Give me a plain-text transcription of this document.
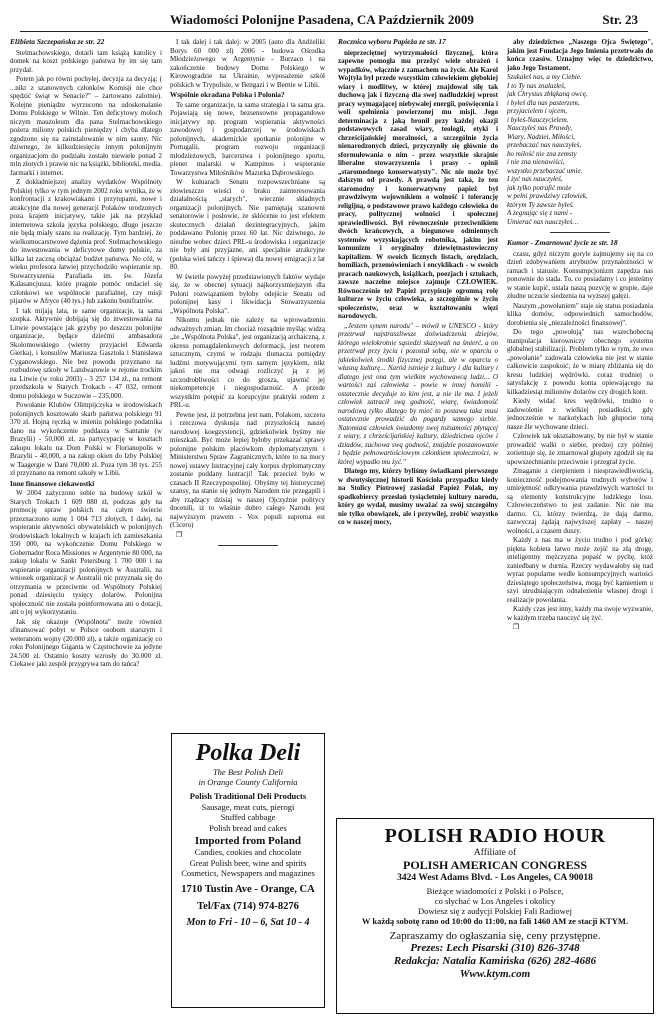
Wiadomości Polonijne Pasadena, CA Październik 2009	Str. 23
Elżbieta Szczepańska ze str. 22

Stelmachowskiego, dotarli tam książą katolicy i domek na koszt polskiego państwa by im się tam przydał.

Potem jak po równi pochyłej, decyzja za decyzją: ( ...nikt z szanownych członków Komisji nie chce spędzić świąt w Senacie?" – żartowano zalotnie). Kolejne pieniądze wyrzucono na udoskonalanie Domu Polskiego w Wilnie. Ten deficytowy moloch niczym mauzoleum dla pana Stelmachowskiego pożera miliony polskich pieniędzy i chyba dlatego zgodzono się na zainstalowanie w nim sauny. Nic dziwnego, że kilkudziesięciu innym polonijnym organizacjom do podziału zostało niewiele ponad 2 mln złotych i prawie nic na książki, biblioteki, media. Jarmarki i internet.

Z dokładniejszej analizy wydatków Wspólnoty Polskiej tylko w tym jednym 2002 roku wynika, że w konfrontacji z krakowiakami i przytupami, nowe i atrakcyjne dla nowej generacji Polaków urodzonych poza krajem inicjatywy, takie jak na przykład internetowa szkoła języka polskiego, długo jeszcze nie będą miały szans na realizację. Tym bardziej, że wielkomocarstwowe dążenia prof. Stelmachowskiego do inwestowania w deficytowe domy polskie, za kilka lat zaczną obciążać budżet państwa. No cóż, w wieku profesora łatwiej przychodziło wspieranie np. Stowarzyszenia Parafiada im. św. Józefa Kalasancjusza, które pragnie pomóc ondaciel się członkowi we wspólnocie parafialnej, czy misji pijarów w Afryce (40 tys.) lub zakonu bonifratrów.

I tak mijają lata, te same organizacje, ta sama szopka. Aktywnie dobijają się do inwestowania na Litwie powstające jak grzyby po deszczu polonijne organizacje, będące dziećmi ambasadora Skolomowskiego (wierny przyjaciel Edwarda Gierka), i konsulów Mariusza Gasztoła i Stanisława Cyganowskiego. Nie bez powodu przyznano na rozbudowę szkoły w Landwarowie w rejonie trockim na Litwie (w roku 2003) - 3 257 134 zł., na remont przedszkola w Starych Trokach - 47 032, remont domu polskiego w Suczowie – 235,000.

Powołanie Klubów Olimpijczyka w środowiskach polonijnych kosztowało skarb państwa polskiego 91 370 zł. Hojną ręczką w imieniu polskiego podatnika dano na wykończenie poddasza w Santanie (w Brazylii) - 50,000 zł, za partycypację w kosztach zakupu lokalu na Dom Polski w Florianopolis w Brazylii - 40,000, a na zakup okien do Izby Polskiej w Taagergie w Dani 70,000 zł. Poza tym 38 tys. 255 zł przyznano na remont szkoły w Libii.

Inne finansowe ciekawostki

W 2004 zażyczono sobie na budowę szkół w Starych Trokach 1 609 080 zł, podczas gdy na promocję spraw polskich na całym świecie przeznaczono sumę 1 004 713 złotych. I dalej, na wspieranie aktywności obywatelskich w polonijnych środowiskach lokalnych w krajach ich zamieszkania 350 000, na wykończenie Domu Polskiego w Gobernador Roca Missiones w Argentynie 80 000, na zakup lokalu w Sankt Petersburg 1 700 000 i na wspieranie organizacji polonijnych w Australii, na wniosek organizacji w Australii nic przyznała się do otrzymania w przeciwnie od Wspólnoty Polskiej ponad dziesięciu tysięcy dolarów. Polonijna społeczność nie została poinformowana ani o dotacji, ani o jej wykorzystaniu.

Jak się okazuje (Wspólnota" może również sfinansować pobyt w Polsce osobom starszym i weteranom wojny (20.000 zł), a także organizację co roku Polonijnego Giganta w Częstochowie za jedyne 24.500 zł. Ostatnio koszty wzrosły do 30.000 zł. Ciekawe jaki zespół przygrywa tam do tańca?

I tak dalej i tak dalej: w 2005 (auto dla Andżeliki Borys 60 000 zł) 2006 - budowa Ośrodka Młodzieżowego w Argentynie - Burzaco i na zakończenie budowy Domu Polskiego w Kirowogradzie na Ukrainie, wyposażenie szkół polskich w Trypolisie, w Bengazi i w Bernie w Libii.

Wspólnie okradana Polska i Polonia?

Te same organizacje, ta sama strategia i ta sama gra. Pojawiają się nowe, bezsensowne propagandowe inicjatywy np. program wspierania aktywności zawodowej i gospodarczej w środowiskach polonijnych, akademickie spotkanie polonijne w Portugalii, program rozwoju organizacji młodzieżowych, harcerstwa i polonijnego sportu, plener malarski w Kampinos i wspieranie Towarzystwa Miłośników Mazurka Dąbrowskiego.

W kuluarach Senatu rozpowszechniane są złowieszcze wieści o braku zainteresowania działalnością „starych", wiecznie składnych organizacji polonijnych. Nie pamiętają szanowni senatorowie i posłowie, że skłócenie to jest efektem skutecznych działań dezintegracyjnych, jakim poddawano Polonię przez 60 lat. Nic dziwnego, że nieufne wobec dzieci PRL-u środowiska i organizacje nie były ani przyjazne, ani specjalnie atrakcyjne (polska wieś tańczy i śpiewa) dla nowej emigracji z lat 80.

W świetle powyżej przedstawionych faktów wydaje się, że w obecnej sytuacji najkorzystniejszym dla Poloni rozwiązaniem byłoby odejście Senatu od polonijnej kasy i likwidacja Stowarzyszenia „Wspólnota Polska".

Nikomu jednak nie zależy na wprowadzeniu odważnych zmian. Im chociaż rozsądnie myśląc widzą „że „Wspólnota Polska", jest organizacją archaiczną, z okresu pomagdalenkowych deformacji, jest tworem sztucznym, czymś w rodzaju tłumacza pomiędzy ludźmi motywującymi tym samym językiem, nikt jakoś nie ma odwagi rozliczyć ją z jej szczodrobliwości co do grosza, ujawnić jej niekompetencje i niegospodarność. A przede wszystkim potępić za korupcyjne praktyki rodem z PRL-u.

Pewne jest, iż potrzebna jest nam, Polakom, szczera i rzeczowa dyskusja nad przyszłością naszej narodowej koegzystencji, gdziekolwiek byśmy nie mieszkali. Być może lepiej byłoby przekazać sprawy polonijne polskim placówkom dyplomatycznym i Ministerstwu Spraw Zagranicznych, które to na mocy nowej ustawy lustracyjnej cały korpus dyplomatyczny zostanie poddany lustracji! Tak przecież było w czasach II Rzeczypospolitej. Obyśmy tej historycznej szansy, na stanie się jednym Narodem nie przegapili i aby rządzący dzisiaj w naszej Ojczyźnie politycy docenili, iż to właśnie dobro całego Narodu jest najwyższym prawem - Vox populi suprema est (Cicero)

❐

Polka Deli
The Best Polish Deli
in Orange County California
Polish Traditional Deli Products
Sausage, meat cuts, pierogi
Stuffed cabbage
Polish bread and cakes
Imported from Poland
Candies, cookies and chocolate
Great Polish beer, wine and spirits
Cosmetics, Newspapers and magazines
1710 Tustin Ave - Orange, CA
Tel/Fax (714) 974-8276
Mon to Fri - 10 – 6, Sat 10 - 4
Rocznica wyboru Papieża ze str. 17

nieprzeciętnej wytrzymałości fizycznej, która zapewne pomogła mu przeżyć wiele obrażeń i wypadków, włącznie z zamachem na życie. Ale Karol Wojtyła był przede wszystkim człowiekiem głębokiej wiary i modlitwy, w której znajdował siłę tak duchową jak i fizyczną dla swej nadludzkiej wprost pracy wymagającej niebywałej energii, poświęcenia i woli spełnienia powierzonej mu misji. Jego determinacja z jaką bronił przy każdej okazji podstawowych zasad wiary, teologii, etyki i chrześcijańskiej moralności, a szczególnie życia nienarodzonych dzieci, przyczyniły się głównie do sformułowania o nim - przez wszystkie skrajnie liberalne stowarzyszenia i prasy - opinii „staromodnego konserwatysty". Nic nie może być dalszym od prawdy. A prawdą jest taka, że ten staromodny i konserwatywny papież był prawdziwym wojownikiem o wolność i tolerancję religijną, o podstawowe prawo każdego człowieka do pracy, politycznej wolności i społecznej sprawiedliwości. Był równocześnie przeciwnikiem dwóch krańcowych, a biegunowo odmiennych systemów wyzyskujących robotnika, jakim jest komunizm i oryginalny dziewiętnastowieczny kapitalizm. W swoich licznych listach, orędziach, homiliach, przemówieniach i encyklikach - w swoich pracach naukowych, książkach, poezjach i sztukach, zawsze naczelne miejsce zajmuje CZŁOWIEK. Równocześnie też Papież przypisuje ogromną rolę kulturze w życiu człowieka, a szczególnie w życiu społeczeństw, oraz w kształtowaniu więzi narodowych.

„Jestem synem narodu" – mówił w UNESCO - który przetrwał najstraszliwsze doświadczenia dziejów, którego wielokrotnie sąsiedzi skazywali na śmierć, a on przetrwał przy życiu i pozostał sobą, nie w oparciu o jakiekolwiek środki fizycznej potęgi, ale w oparciu o własną kulturę... Naród istnieje z kultury i dla kultury i dlatego jest ona tym wielkim wychowawcą ludzi... O wartości zaś człowieka - powie w innej homilii - ostatecznie decyduje to kim jest, a nie ile ma. I jeżeli człowiek zatracił swą godność, wiarę, świadomość narodową tylko dlatego by mieć to postawa taka musi ostatecznie prowadzić do pogardy samego siebie. Natomiast człowiek świadomy swej tożsamości płynącej z wiary, z chrześcijańskiej kultury, dziedzictwa ojców i dziadów, zachowa swą godność, znajdzie poszanowanie i będzie pełnowartościowym członkiem społeczności, w której wypadło mu żyć."

Dlatego my, którzy byliśmy świadkami pierwszego w dwutysięcznej historii Kościoła przypadku kiedy na Stolicy Piotrowej zasiadał Papież Polak, my spadkobiercy przesłań tysiącletniej kultury narodu, który go wydał, musimy uważać za swój szczególny nie tylko obowiązek, ale i przywilej, zrobić wszystko co w naszej mocy,

aby dziedzictwo „Naszego Ojca Świętego", jakim jest Fundacja Jego Imienia przetrwało do końca czasów. Uznajmy więc to dziedzictwo, jako Jego Testament.

Szukałeś nas, a my Ciebie.
I to Ty nas znalazłeś,
jak Chrystus zbłąkaną owcę,
i byłeś dla nas pasterzem,
przyjacielem i ojcem,
i byłeś-Nauczycielem.
Nauczyłeś nas Prawdy,
Wiary, Nadziei, Miłości,
przebaczać nas nauczyłeś,
bo miłość nie zna zemsty
i nie zna nienawiści,
wszystko przebaczać umie.
I żyć nas nauczyłeś,
jak tylko potrafić może
w pełni prawdziwy człowiek,
którym Ty zawsze byłeś.
A żegnając się z nami -
Umierać nas nauczyłeś…
Kumor - Zmarnować życie ze str. 18

czasu, gdyż niczym goryle zajmujemy się na co dzień zdobywaniem atrybutów przynależności w ramach i statusie. Konsumpcjonizm zapędza nas ponownie do stada. To, co posiadamy i co jesteśmy w stanie kupić, ustala naszą pozycję w grupie, daje złudne uczucie siedzenia na wyższej gałęzi.

Naszym „powołaniem" staje się status posiadania klika domów, odpowiednich samochodów, dorobienia się „niezależności finansowej".

Do tego „powołują" nas wszechobecną manipulacja kierowniczy obecnego systemu globalnej stabilizacji. Problem tylko w tym, że owo „powołanie" zadowala człowieka nie jest w stanie całkowicie zaspokoić; że w miarę zbliżania się do kresu ludzkiej wędrówki, coraz trudniej o satysfakcję z powodu konta opiewającego na kilkadziesiąt milionów dolarów czy drogich kont.

Kiedy widać kres wędrówki, trudno o zadowolenie z wielkiej posiadłości, gdy jednocześnie w narkotykach lub głupocie toną nasze źle wychowane dzieci.

Człowiek tak ukształtowany, by nie był w stanie prowadzić walki o siebie, predzej czy później zorientuje się, że zmarnował głupoty zgodził się na upowszechnianiu przeciwnie i przegrał życie.

Zmaganie z cierpieniem i niesprawiedliwością, konieczność podejmowania trudnych wyborów i umiejętność odkrywania prawdziwych wartości to są elementy konstrukcyjne ludzkiego losu. Człowieczeństwo to jest zadanie. Nic nie ma darmo. Ci, którzy twierdzą, że dają darmo, zazwyczaj żądają najwyższej zapłaty – naszej wolności, a czasem duszy.

Każdy z nas ma w życiu trudno i pod górkę; piękna kobieta łatwo może zejść na złą drogę, inteligentny mężczyzna popaść w pychę, któż zaniedbany w durnia. Rzeczy wydawałoby się nad wyraz popularne wedle konsumpcyjnych wartości dziesiątego społeczeństwa, mogą być kamieniem u szyi utrudniającym odnalezienie własnej drogi i realizacje powołania.

Każdy czas jest inny, każdy ma swoje wyzwanie, w każdym trzeba nauczyć się żyć.

❐

POLISH RADIO HOUR
Affiliate of
POLISH AMERICAN CONGRESS
3424 West Adams Blvd. - Los Angeles, CA 90018
Bieżące wiadomości z Polski i o Polsce,
co słychać w Los Angeles i okolicy
Dowiesz się z audycji Polskiej Fali Radiowej
W każdą sobotę rano od 10:00 do 11:00, na fali 1460 AM ze stacji KTYM.
Zapraszamy do ogłaszania się, ceny przystępne.
Prezes: Lech Pisarski (310) 826-3748
Redakcja: Natalia Kamińska (626) 282-4686
Www.ktym.com
